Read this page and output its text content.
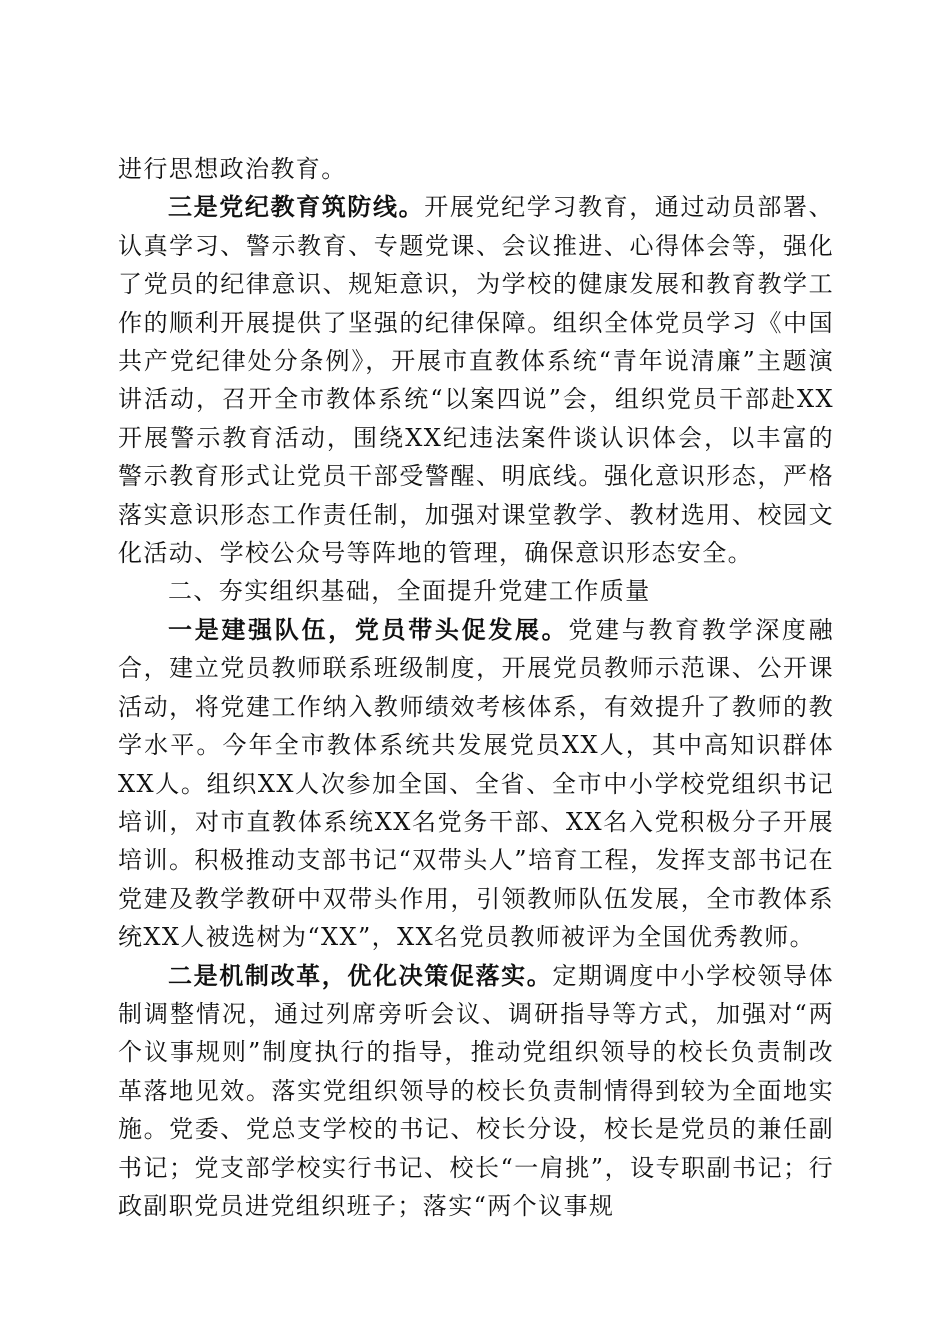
进行思想政治教育。

三是党纪教育筑防线。开展党纪学习教育，通过动员部署、认真学习、警示教育、专题党课、会议推进、心得体会等，强化了党员的纪律意识、规矩意识，为学校的健康发展和教育教学工作的顺利开展提供了坚强的纪律保障。组织全体党员学习《中国共产党纪律处分条例》，开展市直教体系统“青年说清廉”主题演讲活动，召开全市教体系统“以案四说”会，组织党员干部赴XX开展警示教育活动，围绕XX纪违法案件谈认识体会，以丰富的警示教育形式让党员干部受警醒、明底线。强化意识形态，严格落实意识形态工作责任制，加强对课堂教学、教材选用、校园文化活动、学校公众号等阵地的管理，确保意识形态安全。

二、夯实组织基础，全面提升党建工作质量

一是建强队伍，党员带头促发展。党建与教育教学深度融合，建立党员教师联系班级制度，开展党员教师示范课、公开课活动，将党建工作纳入教师绩效考核体系，有效提升了教师的教学水平。今年全市教体系统共发展党员XX人，其中高知识群体XX人。组织XX人次参加全国、全省、全市中小学校党组织书记培训，对市直教体系统XX名党务干部、XX名入党积极分子开展培训。积极推动支部书记“双带头人”培育工程，发挥支部书记在党建及教学教研中双带头作用，引领教师队伍发展，全市教体系统XX人被选树为“XX”，XX名党员教师被评为全国优秀教师。

二是机制改革，优化决策促落实。定期调度中小学校领导体制调整情况，通过列席旁听会议、调研指导等方式，加强对“两个议事规则”制度执行的指导，推动党组织领导的校长负责制改革落地见效。落实党组织领导的校长负责制情得到较为全面地实施。党委、党总支学校的书记、校长分设，校长是党员的兼任副书记；党支部学校实行书记、校长“一肩挑”，设专职副书记；行政副职党员进党组织班子；落实“两个议事规
